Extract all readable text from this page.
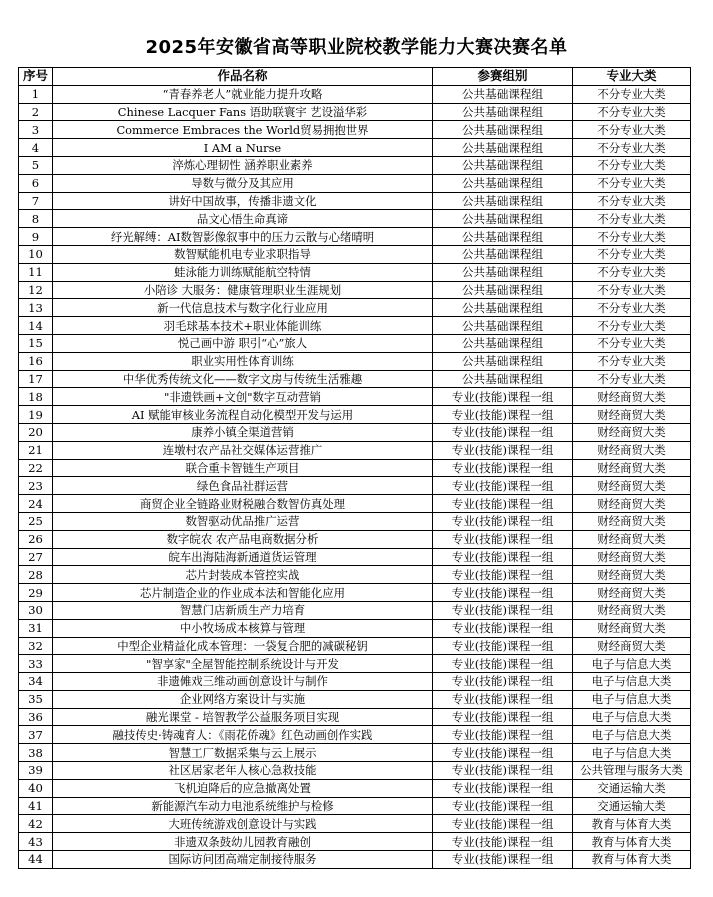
2025年安徽省高等职业院校教学能力大赛决赛名单
序号	作品名称	参赛组别	专业大类
1	“青春养老人”就业能力提升攻略	公共基础课程组	不分专业大类
2	Chinese Lacquer Fans 语助联寰宇 艺设溢华彩	公共基础课程组	不分专业大类
3	Commerce Embraces the World贸易拥抱世界	公共基础课程组	不分专业大类
4	I AM a Nurse	公共基础课程组	不分专业大类
5	淬炼心理韧性 涵养职业素养	公共基础课程组	不分专业大类
6	导数与微分及其应用	公共基础课程组	不分专业大类
7	讲好中国故事，传播非遗文化	公共基础课程组	不分专业大类
8	品文心悟生命真谛	公共基础课程组	不分专业大类
9	纾光解缚：AI数智影像叙事中的压力云散与心绪晴明	公共基础课程组	不分专业大类
10	数智赋能机电专业求职指导	公共基础课程组	不分专业大类
11	蛙泳能力训练赋能航空特情	公共基础课程组	不分专业大类
12	小陪诊 大服务：健康管理职业生涯规划	公共基础课程组	不分专业大类
13	新一代信息技术与数字化行业应用	公共基础课程组	不分专业大类
14	羽毛球基本技术+职业体能训练	公共基础课程组	不分专业大类
15	悦己画中游 职引“心”旅人	公共基础课程组	不分专业大类
16	职业实用性体育训练	公共基础课程组	不分专业大类
17	中华优秀传统文化——数字文房与传统生活雅趣	公共基础课程组	不分专业大类
18	"非遗铁画+文创"数字互动营销	专业(技能)课程一组	财经商贸大类
19	AI 赋能审核业务流程自动化模型开发与运用	专业(技能)课程一组	财经商贸大类
20	康养小镇全渠道营销	专业(技能)课程一组	财经商贸大类
21	连墩村农产品社交媒体运营推广	专业(技能)课程一组	财经商贸大类
22	联合重卡智链生产项目	专业(技能)课程一组	财经商贸大类
23	绿色食品社群运营	专业(技能)课程一组	财经商贸大类
24	商贸企业全链路业财税融合数智仿真处理	专业(技能)课程一组	财经商贸大类
25	数智驱动优品推广运营	专业(技能)课程一组	财经商贸大类
26	数字皖农 农产品电商数据分析	专业(技能)课程一组	财经商贸大类
27	皖车出海陆海新通道货运管理	专业(技能)课程一组	财经商贸大类
28	芯片封装成本管控实战	专业(技能)课程一组	财经商贸大类
29	芯片制造企业的作业成本法和智能化应用	专业(技能)课程一组	财经商贸大类
30	智慧门店新质生产力培育	专业(技能)课程一组	财经商贸大类
31	中小牧场成本核算与管理	专业(技能)课程一组	财经商贸大类
32	中型企业精益化成本管理：一袋复合肥的减碳秘钥	专业(技能)课程一组	财经商贸大类
33	"智享家"全屋智能控制系统设计与开发	专业(技能)课程一组	电子与信息大类
34	非遗傩戏三维动画创意设计与制作	专业(技能)课程一组	电子与信息大类
35	企业网络方案设计与实施	专业(技能)课程一组	电子与信息大类
36	融光课堂 - 培智教学公益服务项目实现	专业(技能)课程一组	电子与信息大类
37	融技传史·铸魂育人：《雨花侨魂》红色动画创作实践	专业(技能)课程一组	电子与信息大类
38	智慧工厂数据采集与云上展示	专业(技能)课程一组	电子与信息大类
39	社区居家老年人核心急救技能	专业(技能)课程一组	公共管理与服务大类
40	飞机迫降后的应急撤离处置	专业(技能)课程一组	交通运输大类
41	新能源汽车动力电池系统维护与检修	专业(技能)课程一组	交通运输大类
42	大班传统游戏创意设计与实践	专业(技能)课程一组	教育与体育大类
43	非遗双条鼓幼儿园教育融创	专业(技能)课程一组	教育与体育大类
44	国际访问团高端定制接待服务	专业(技能)课程一组	教育与体育大类
